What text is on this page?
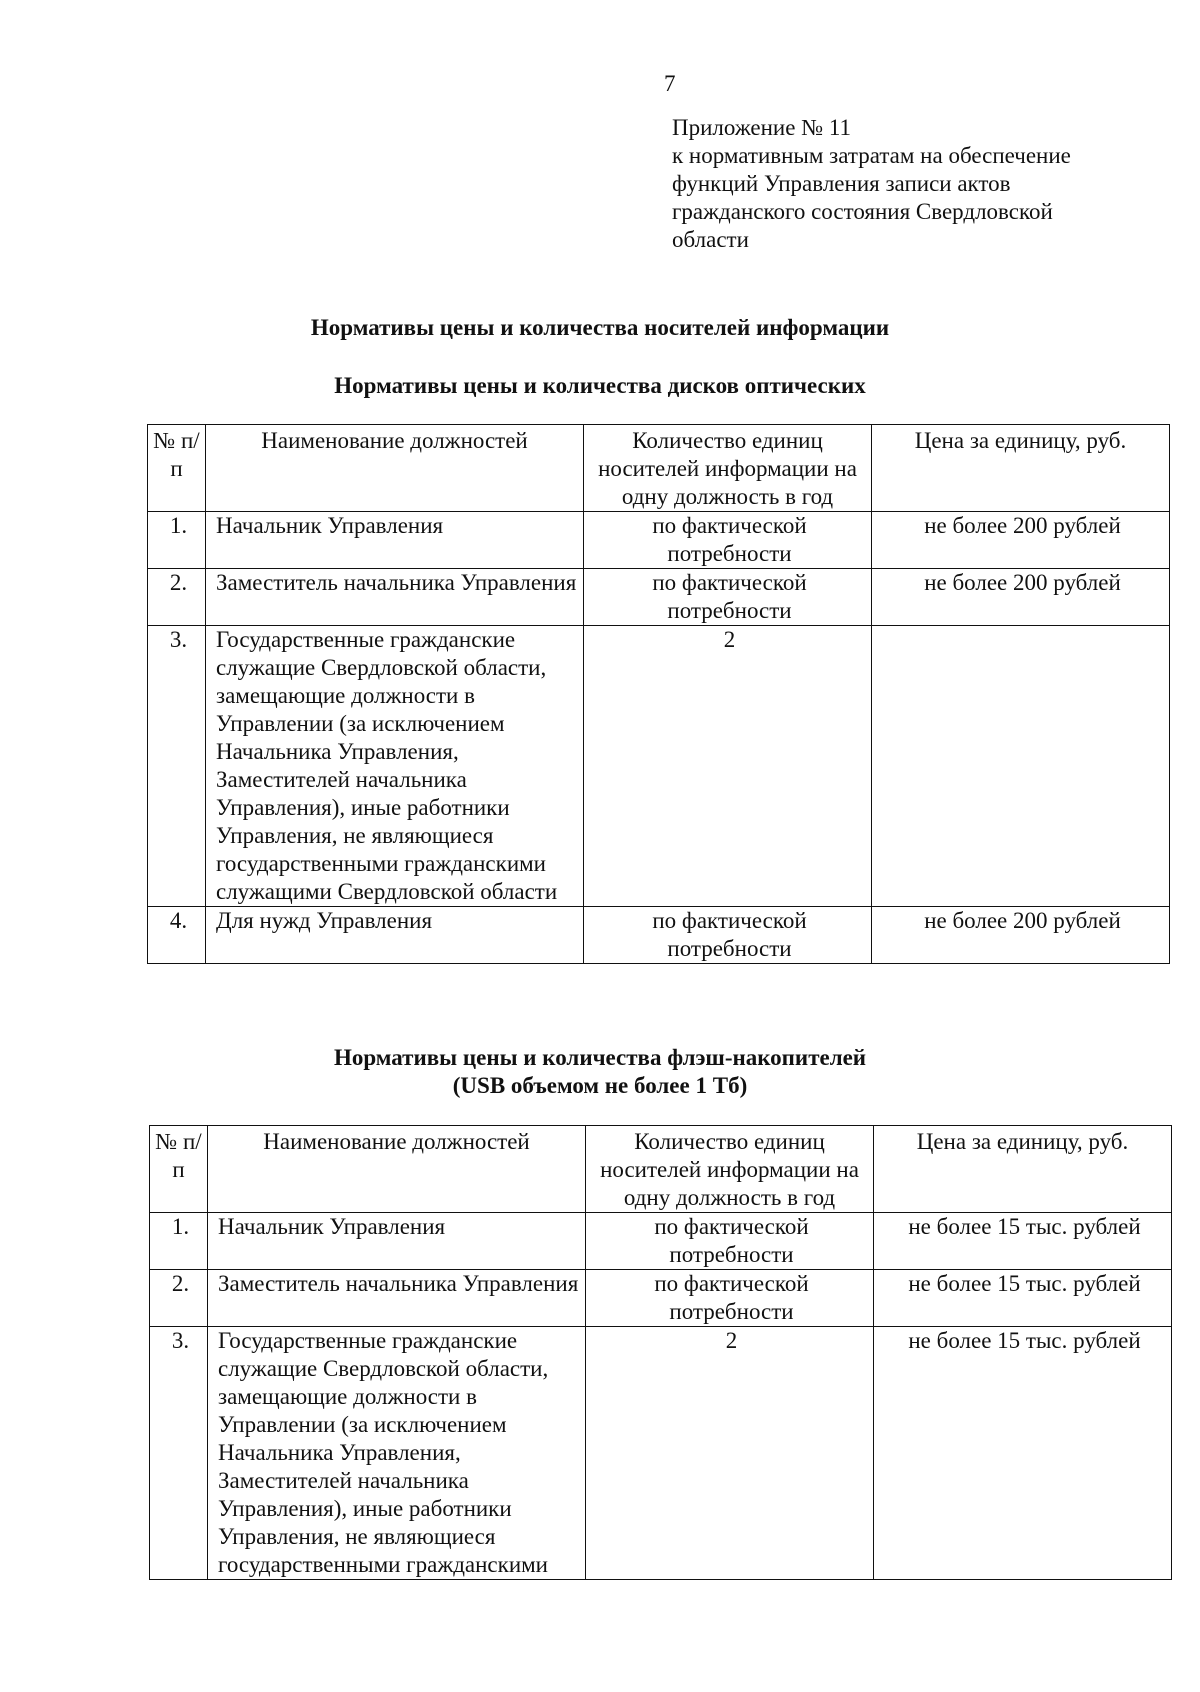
7
Приложение № 11
к нормативным затратам на обеспечение
функций Управления записи актов
гражданского состояния Свердловской
области
Нормативы цены и количества носителей информации
Нормативы цены и количества дисков оптических
№ п/п	Наименование должностей	Количество единиц носителей информации на одну должность в год	Цена за единицу, руб.
1.	Начальник Управления	по фактической потребности	не более 200 рублей
2.	Заместитель начальника Управления	по фактической потребности	не более 200 рублей
3.	Государственные гражданские служащие Свердловской области, замещающие должности в Управлении (за исключением Начальника Управления, Заместителей начальника Управления), иные работники Управления, не являющиеся государственными гражданскими служащими Свердловской области	2	
4.	Для нужд Управления	по фактической потребности	не более 200 рублей
Нормативы цены и количества флэш-накопителей
(USB объемом не более 1 Тб)
№ п/п	Наименование должностей	Количество единиц носителей информации на одну должность в год	Цена за единицу, руб.
1.	Начальник Управления	по фактической потребности	не более 15 тыс. рублей
2.	Заместитель начальника Управления	по фактической потребности	не более 15 тыс. рублей
3.	Государственные гражданские служащие Свердловской области, замещающие должности в Управлении (за исключением Начальника Управления, Заместителей начальника Управления), иные работники Управления, не являющиеся государственными гражданскими	2	не более 15 тыс. рублей
